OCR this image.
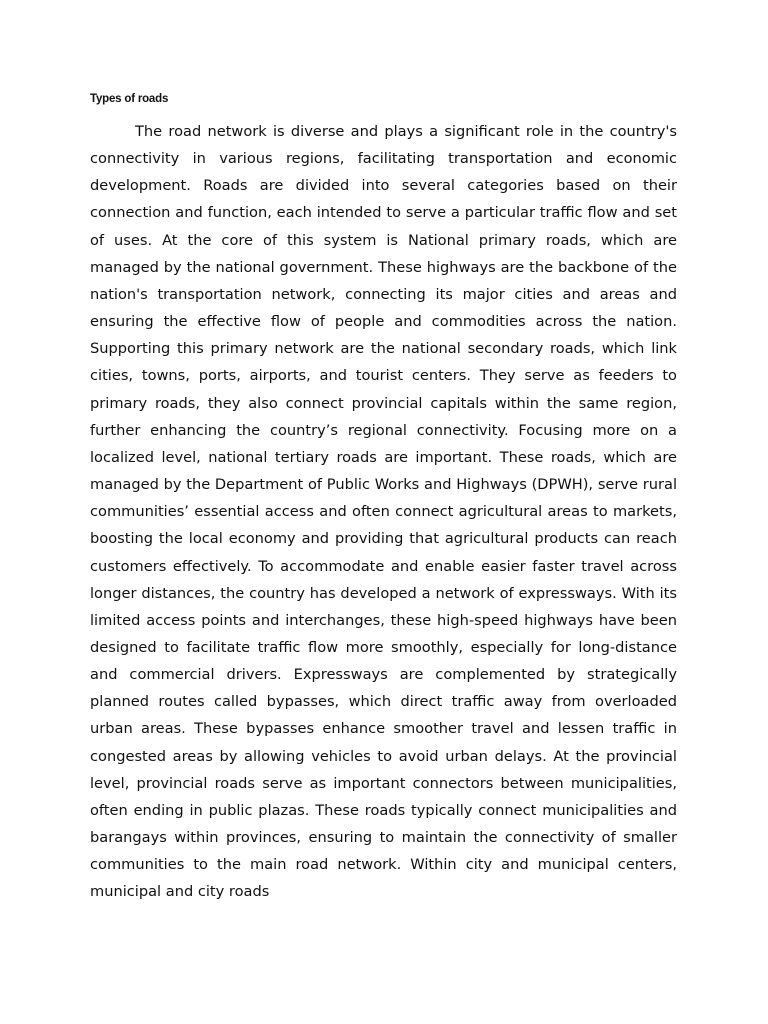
Types of roads

The road network is diverse and plays a significant role in the country's connectivity in various regions, facilitating transportation and economic development. Roads are divided into several categories based on their connection and function, each intended to serve a particular traffic flow and set of uses. At the core of this system is National primary roads, which are managed by the national government. These highways are the backbone of the nation's transportation network, connecting its major cities and areas and ensuring the effective flow of people and commodities across the nation. Supporting this primary network are the national secondary roads, which link cities, towns, ports, airports, and tourist centers. They serve as feeders to primary roads, they also connect provincial capitals within the same region, further enhancing the country’s regional connectivity. Focusing more on a localized level, national tertiary roads are important. These roads, which are managed by the Department of Public Works and Highways (DPWH), serve rural communities’ essential access and often connect agricultural areas to markets, boosting the local economy and providing that agricultural products can reach customers effectively. To accommodate and enable easier faster travel across longer distances, the country has developed a network of expressways. With its limited access points and interchanges, these high-speed highways have been designed to facilitate traffic flow more smoothly, especially for long-distance and commercial drivers. Expressways are complemented by strategically planned routes called bypasses, which direct traffic away from overloaded urban areas. These bypasses enhance smoother travel and lessen traffic in congested areas by allowing vehicles to avoid urban delays. At the provincial level, provincial roads serve as important connectors between municipalities, often ending in public plazas. These roads typically connect municipalities and barangays within provinces, ensuring to maintain the connectivity of smaller communities to the main road network. Within city and municipal centers, municipal and city roads
